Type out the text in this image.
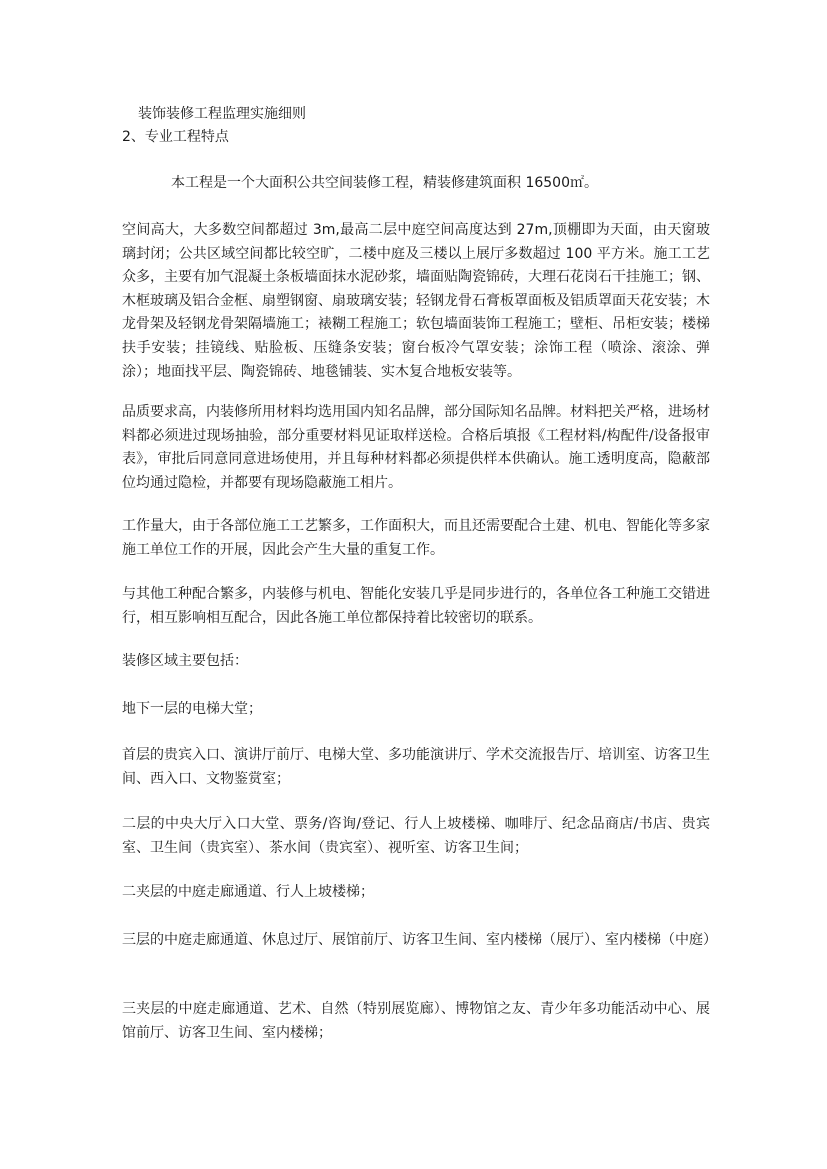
装饰装修工程监理实施细则
2、专业工程特点

本工程是一个大面积公共空间装修工程，精装修建筑面积 16500㎡。

空间高大，大多数空间都超过 3m,最高二层中庭空间高度达到 27m,顶棚即为天面，由天窗玻璃封闭；公共区域空间都比较空旷，二楼中庭及三楼以上展厅多数超过 100 平方米。施工工艺众多，主要有加气混凝土条板墙面抹水泥砂浆，墙面贴陶瓷锦砖，大理石花岗石干挂施工；钢、木框玻璃及铝合金框、扇塑钢窗、扇玻璃安装；轻钢龙骨石膏板罩面板及铝质罩面天花安装；木龙骨架及轻钢龙骨架隔墙施工；裱糊工程施工；软包墙面装饰工程施工；壁柜、吊柜安装；楼梯扶手安装；挂镜线、贴脸板、压缝条安装；窗台板冷气罩安装；涂饰工程（喷涂、滚涂、弹涂）；地面找平层、陶瓷锦砖、地毯铺装、实木复合地板安装等。

品质要求高，内装修所用材料均选用国内知名品牌，部分国际知名品牌。材料把关严格，进场材料都必须进过现场抽验，部分重要材料见证取样送检。合格后填报《工程材料/构配件/设备报审表》，审批后同意同意进场使用，并且每种材料都必须提供样本供确认。施工透明度高，隐蔽部位均通过隐检，并都要有现场隐蔽施工相片。

工作量大，由于各部位施工工艺繁多，工作面积大，而且还需要配合土建、机电、智能化等多家施工单位工作的开展，因此会产生大量的重复工作。

与其他工种配合繁多，内装修与机电、智能化安装几乎是同步进行的，各单位各工种施工交错进行，相互影响相互配合，因此各施工单位都保持着比较密切的联系。

装修区域主要包括：

地下一层的电梯大堂；

首层的贵宾入口、演讲厅前厅、电梯大堂、多功能演讲厅、学术交流报告厅、培训室、访客卫生间、西入口、文物鉴赏室；

二层的中央大厅入口大堂、票务/咨询/登记、行人上坡楼梯、咖啡厅、纪念品商店/书店、贵宾室、卫生间（贵宾室）、茶水间（贵宾室）、视听室、访客卫生间；

二夹层的中庭走廊通道、行人上坡楼梯；

三层的中庭走廊通道、休息过厅、展馆前厅、访客卫生间、室内楼梯（展厅）、室内楼梯（中庭）

三夹层的中庭走廊通道、艺术、自然（特别展览廊）、博物馆之友、青少年多功能活动中心、展馆前厅、访客卫生间、室内楼梯；
